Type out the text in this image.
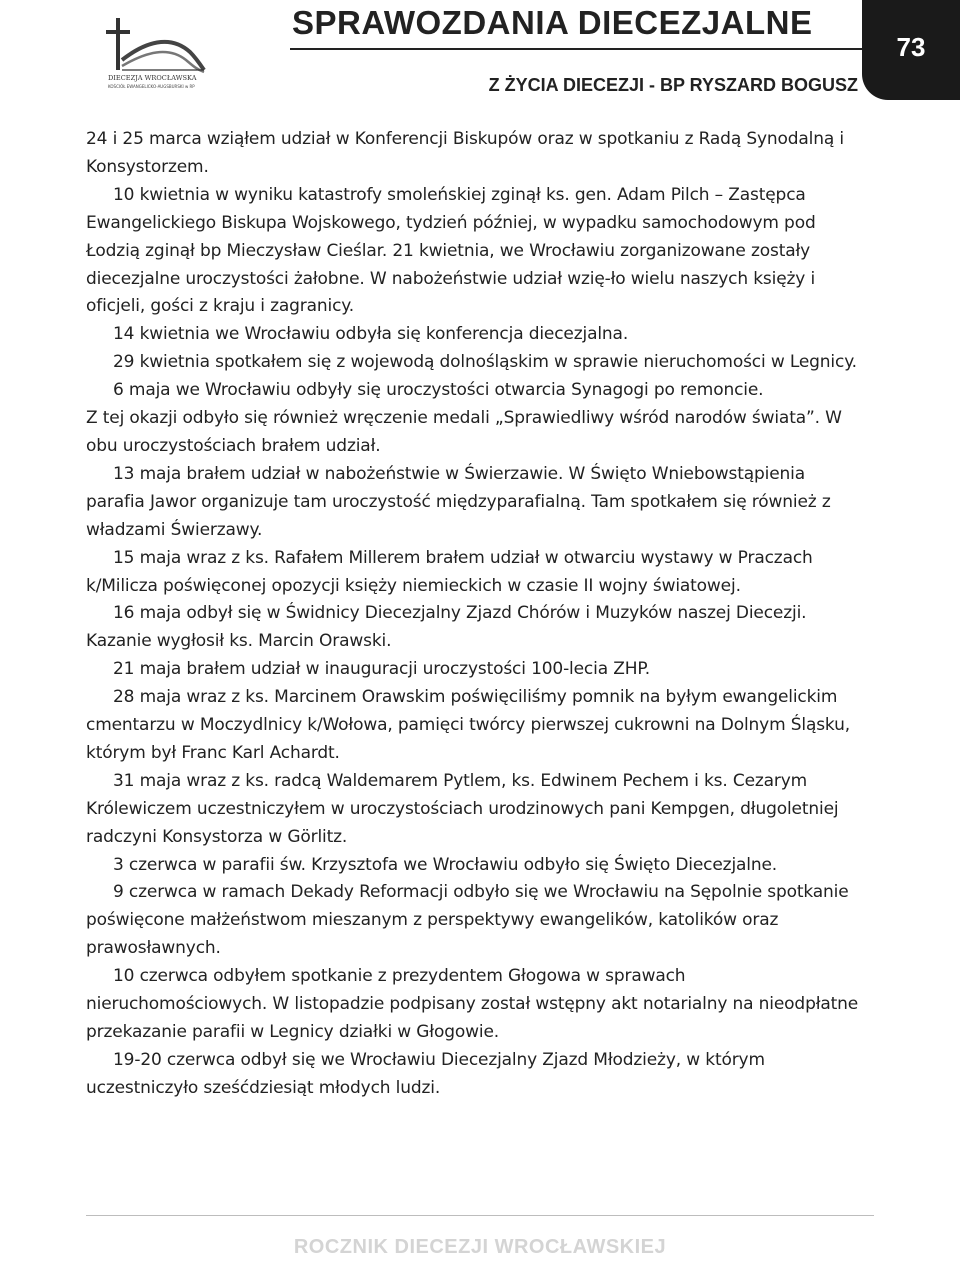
DIECEZJA WROCŁAWSKA
KOŚCIÓŁ EWANGELICKO-AUGSBURSKI w RP
SPRAWOZDANIA DIECEZJALNE
Z ŻYCIA DIECEZJI - BP RYSZARD BOGUSZ
73

24 i 25 marca wziąłem udział w Konferencji Biskupów oraz w spotkaniu z Radą Synodalną i Konsystorzem.

10 kwietnia w wyniku katastrofy smoleńskiej zginął ks. gen. Adam Pilch – Zastępca Ewangelickiego Biskupa Wojskowego, tydzień później, w wypadku samochodowym pod Łodzią zginął bp Mieczysław Cieślar. 21 kwietnia, we Wrocławiu zorganizowane zostały diecezjalne uroczystości żałobne. W nabożeństwie udział wzię-ło wielu naszych księży i oficjeli, gości z kraju i zagranicy.

14 kwietnia we Wrocławiu odbyła się konferencja diecezjalna.

29 kwietnia spotkałem się z wojewodą dolnośląskim w sprawie nieruchomości w Legnicy.

6 maja we Wrocławiu odbyły się uroczystości otwarcia Synagogi po remoncie.

Z tej okazji odbyło się również wręczenie medali „Sprawiedliwy wśród narodów świata”. W obu uroczystościach brałem udział.

13 maja brałem udział w nabożeństwie w Świerzawie. W Święto Wniebowstąpienia parafia Jawor organizuje tam uroczystość międzyparafialną. Tam spotkałem się również z władzami Świerzawy.

15 maja wraz z ks. Rafałem Millerem brałem udział w otwarciu wystawy w Praczach k/Milicza poświęconej opozycji księży niemieckich w czasie II wojny światowej.

16 maja odbył się w Świdnicy Diecezjalny Zjazd Chórów i Muzyków naszej Diecezji. Kazanie wygłosił ks. Marcin Orawski.

21 maja brałem udział w inauguracji uroczystości 100-lecia ZHP.

28 maja wraz z ks. Marcinem Orawskim poświęciliśmy pomnik na byłym ewangelickim cmentarzu w Moczydlnicy k/Wołowa, pamięci twórcy pierwszej cukrowni na Dolnym Śląsku, którym był Franc Karl Achardt.

31 maja wraz z ks. radcą Waldemarem Pytlem, ks. Edwinem Pechem i ks. Cezarym Królewiczem uczestniczyłem w uroczystościach urodzinowych pani Kempgen, długoletniej radczyni Konsystorza w Görlitz.

3 czerwca w parafii św. Krzysztofa we Wrocławiu odbyło się Święto Diecezjalne.

9 czerwca w ramach Dekady Reformacji odbyło się we Wrocławiu na Sępolnie spotkanie poświęcone małżeństwom mieszanym z perspektywy ewangelików, katolików oraz prawosławnych.

10 czerwca odbyłem spotkanie z prezydentem Głogowa w sprawach nieruchomościowych. W listopadzie podpisany został wstępny akt notarialny na nieodpłatne przekazanie parafii w Legnicy działki w Głogowie.

19-20 czerwca odbył się we Wrocławiu Diecezjalny Zjazd Młodzieży, w którym uczestniczyło sześćdziesiąt młodych ludzi.

ROCZNIK DIECEZJI WROCŁAWSKIEJ
